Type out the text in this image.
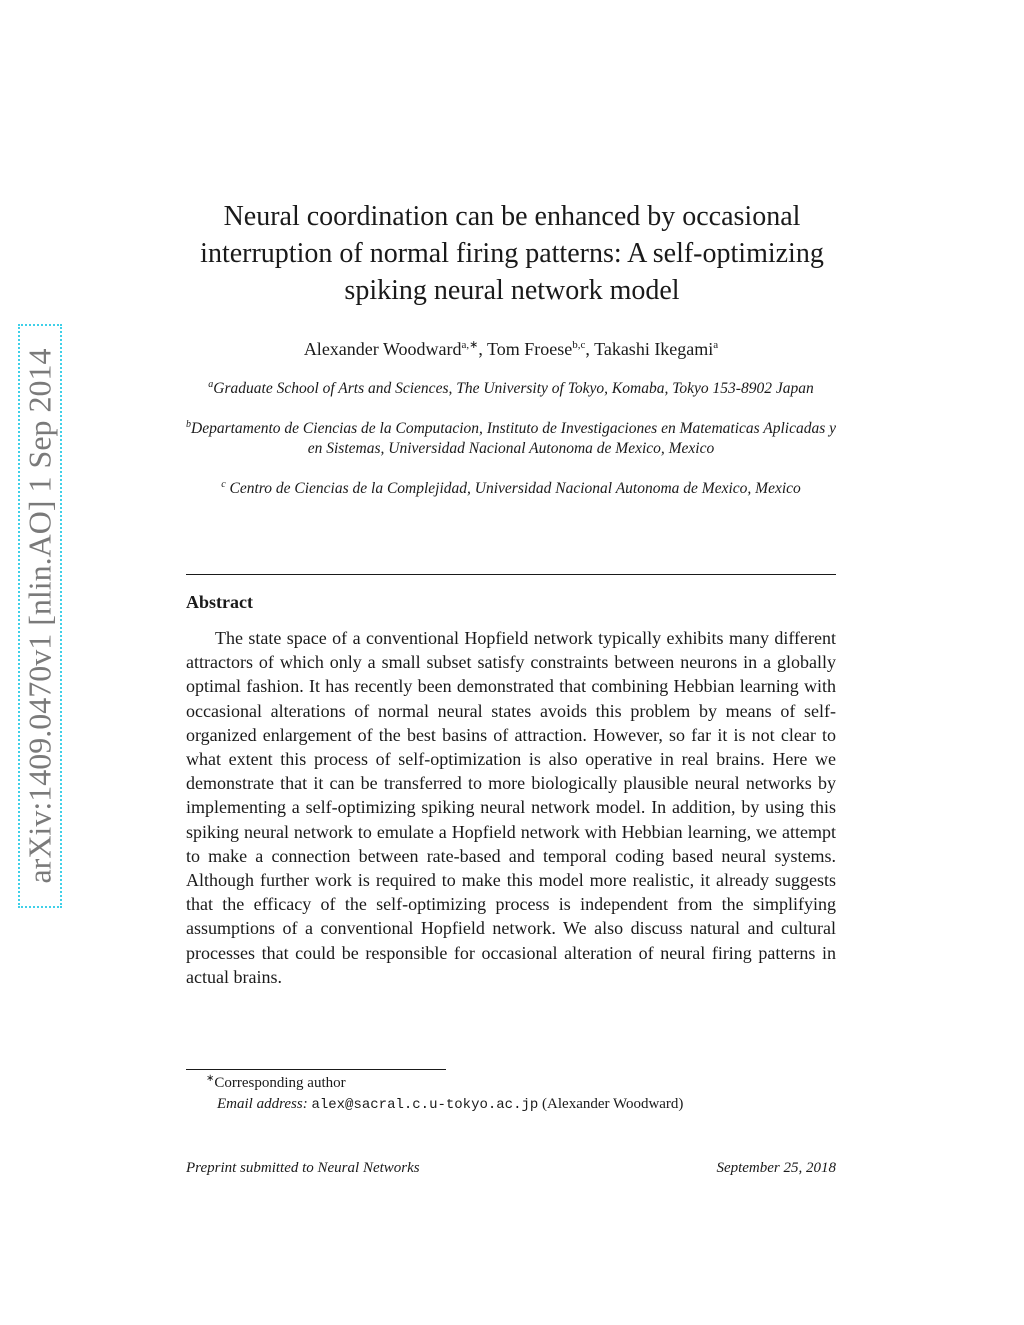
arXiv:1409.0470v1 [nlin.AO] 1 Sep 2014
Neural coordination can be enhanced by occasional interruption of normal firing patterns: A self-optimizing spiking neural network model
Alexander Woodward$^{a,∗}$, Tom Froese$^{b,c}$, Takashi Ikegami$^a$
$^a$Graduate School of Arts and Sciences, The University of Tokyo, Komaba, Tokyo 153-8902 Japan
$^b$Departamento de Ciencias de la Computacion, Instituto de Investigaciones en Matematicas Aplicadas y en Sistemas, Universidad Nacional Autonoma de Mexico, Mexico
$^c$ Centro de Ciencias de la Complejidad, Universidad Nacional Autonoma de Mexico, Mexico
Abstract

The state space of a conventional Hopfield network typically exhibits many different attractors of which only a small subset satisfy constraints between neurons in a globally optimal fashion. It has recently been demonstrated that combining Hebbian learning with occasional alterations of normal neural states avoids this problem by means of self-organized enlargement of the best basins of attraction. However, so far it is not clear to what extent this process of self-optimization is also operative in real brains. Here we demonstrate that it can be transferred to more biologically plausible neural networks by implementing a self-optimizing spiking neural network model. In addition, by using this spiking neural network to emulate a Hopfield network with Hebbian learning, we attempt to make a connection between rate-based and temporal coding based neural systems. Although further work is required to make this model more realistic, it already suggests that the efficacy of the self-optimizing process is independent from the simplifying assumptions of a conventional Hopfield network. We also discuss natural and cultural processes that could be responsible for occasional alteration of neural firing patterns in actual brains.

∗Corresponding author
Email address: alex@sacral.c.u-tokyo.ac.jp (Alexander Woodward)
Preprint submitted to Neural Networks	September 25, 2018
